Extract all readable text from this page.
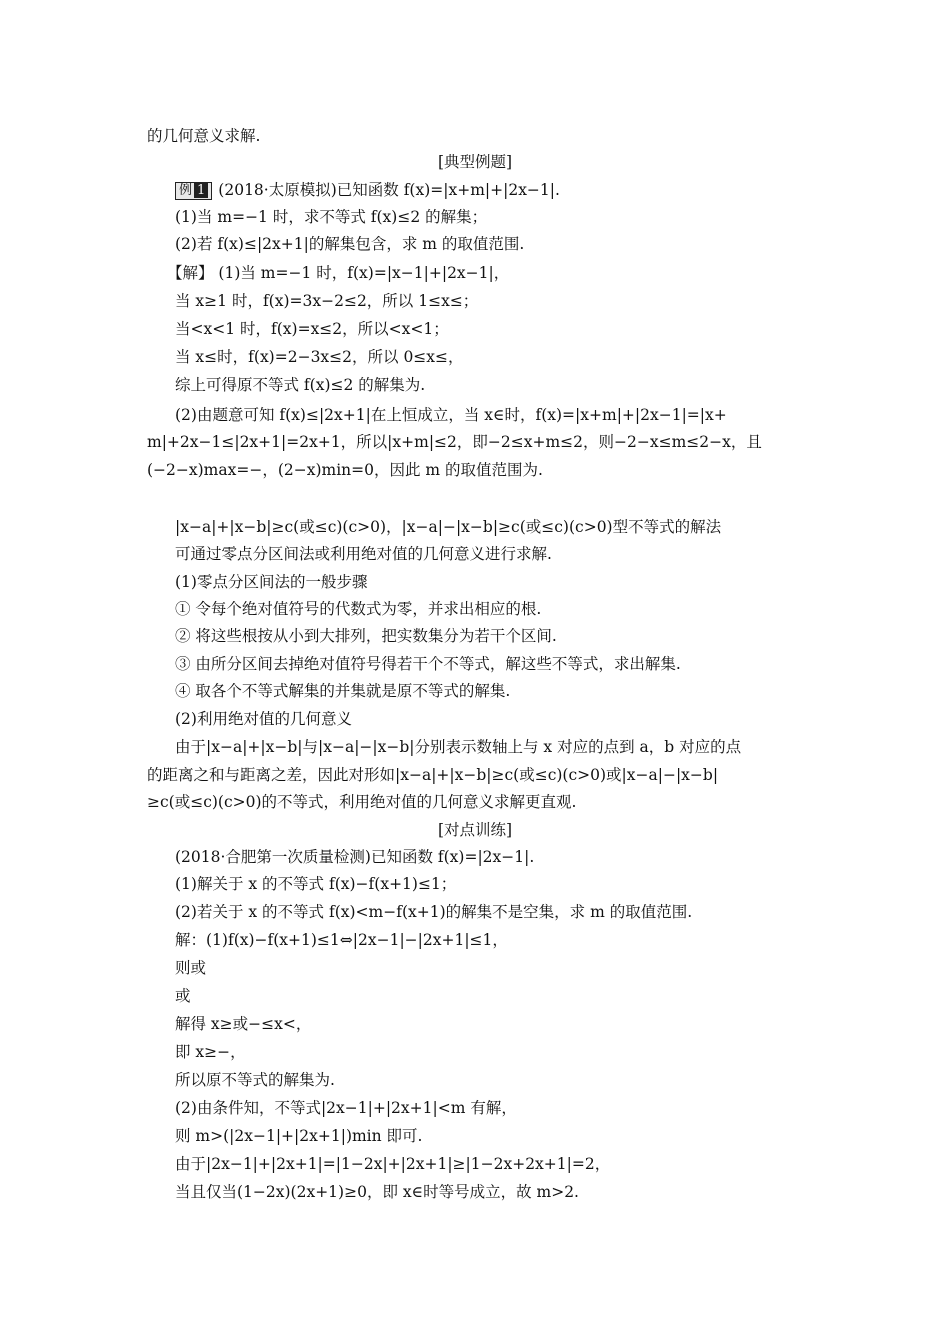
的几何意义求解.
[典型例题]
例 1 (2018·太原模拟)已知函数 f(x)=|x+m|+|2x−1|.
(1)当 m=−1 时，求不等式 f(x)≤2 的解集；
(2)若 f(x)≤|2x+1|的解集包含，求 m 的取值范围.
【解】 (1)当 m=−1 时，f(x)=|x−1|+|2x−1|，
当 x≥1 时，f(x)=3x−2≤2，所以 1≤x≤；
当<x<1 时，f(x)=x≤2，所以<x<1；
当 x≤时，f(x)=2−3x≤2，所以 0≤x≤，
综上可得原不等式 f(x)≤2 的解集为.
(2)由题意可知 f(x)≤|2x+1|在上恒成立，当 x∈时，f(x)=|x+m|+|2x−1|=|x+
m|+2x−1≤|2x+1|=2x+1，所以|x+m|≤2，即−2≤x+m≤2，则−2−x≤m≤2−x，且
(−2−x)max=−，(2−x)min=0，因此 m 的取值范围为.
|x−a|+|x−b|≥c(或≤c)(c>0)，|x−a|−|x−b|≥c(或≤c)(c>0)型不等式的解法
可通过零点分区间法或利用绝对值的几何意义进行求解.
(1)零点分区间法的一般步骤
① 令每个绝对值符号的代数式为零，并求出相应的根.
② 将这些根按从小到大排列，把实数集分为若干个区间.
③ 由所分区间去掉绝对值符号得若干个不等式，解这些不等式，求出解集.
④ 取各个不等式解集的并集就是原不等式的解集.
(2)利用绝对值的几何意义
由于|x−a|+|x−b|与|x−a|−|x−b|分别表示数轴上与 x 对应的点到 a，b 对应的点
的距离之和与距离之差，因此对形如|x−a|+|x−b|≥c(或≤c)(c>0)或|x−a|−|x−b|
≥c(或≤c)(c>0)的不等式，利用绝对值的几何意义求解更直观.
[对点训练]
(2018·合肥第一次质量检测)已知函数 f(x)=|2x−1|.
(1)解关于 x 的不等式 f(x)−f(x+1)≤1；
(2)若关于 x 的不等式 f(x)<m−f(x+1)的解集不是空集，求 m 的取值范围.
解：(1)f(x)−f(x+1)≤1⇔|2x−1|−|2x+1|≤1，
则或
或
解得 x≥或−≤x<，
即 x≥−，
所以原不等式的解集为.
(2)由条件知，不等式|2x−1|+|2x+1|<m 有解，
则 m>(|2x−1|+|2x+1|)min 即可.
由于|2x−1|+|2x+1|=|1−2x|+|2x+1|≥|1−2x+2x+1|=2，
当且仅当(1−2x)(2x+1)≥0，即 x∈时等号成立，故 m>2.
